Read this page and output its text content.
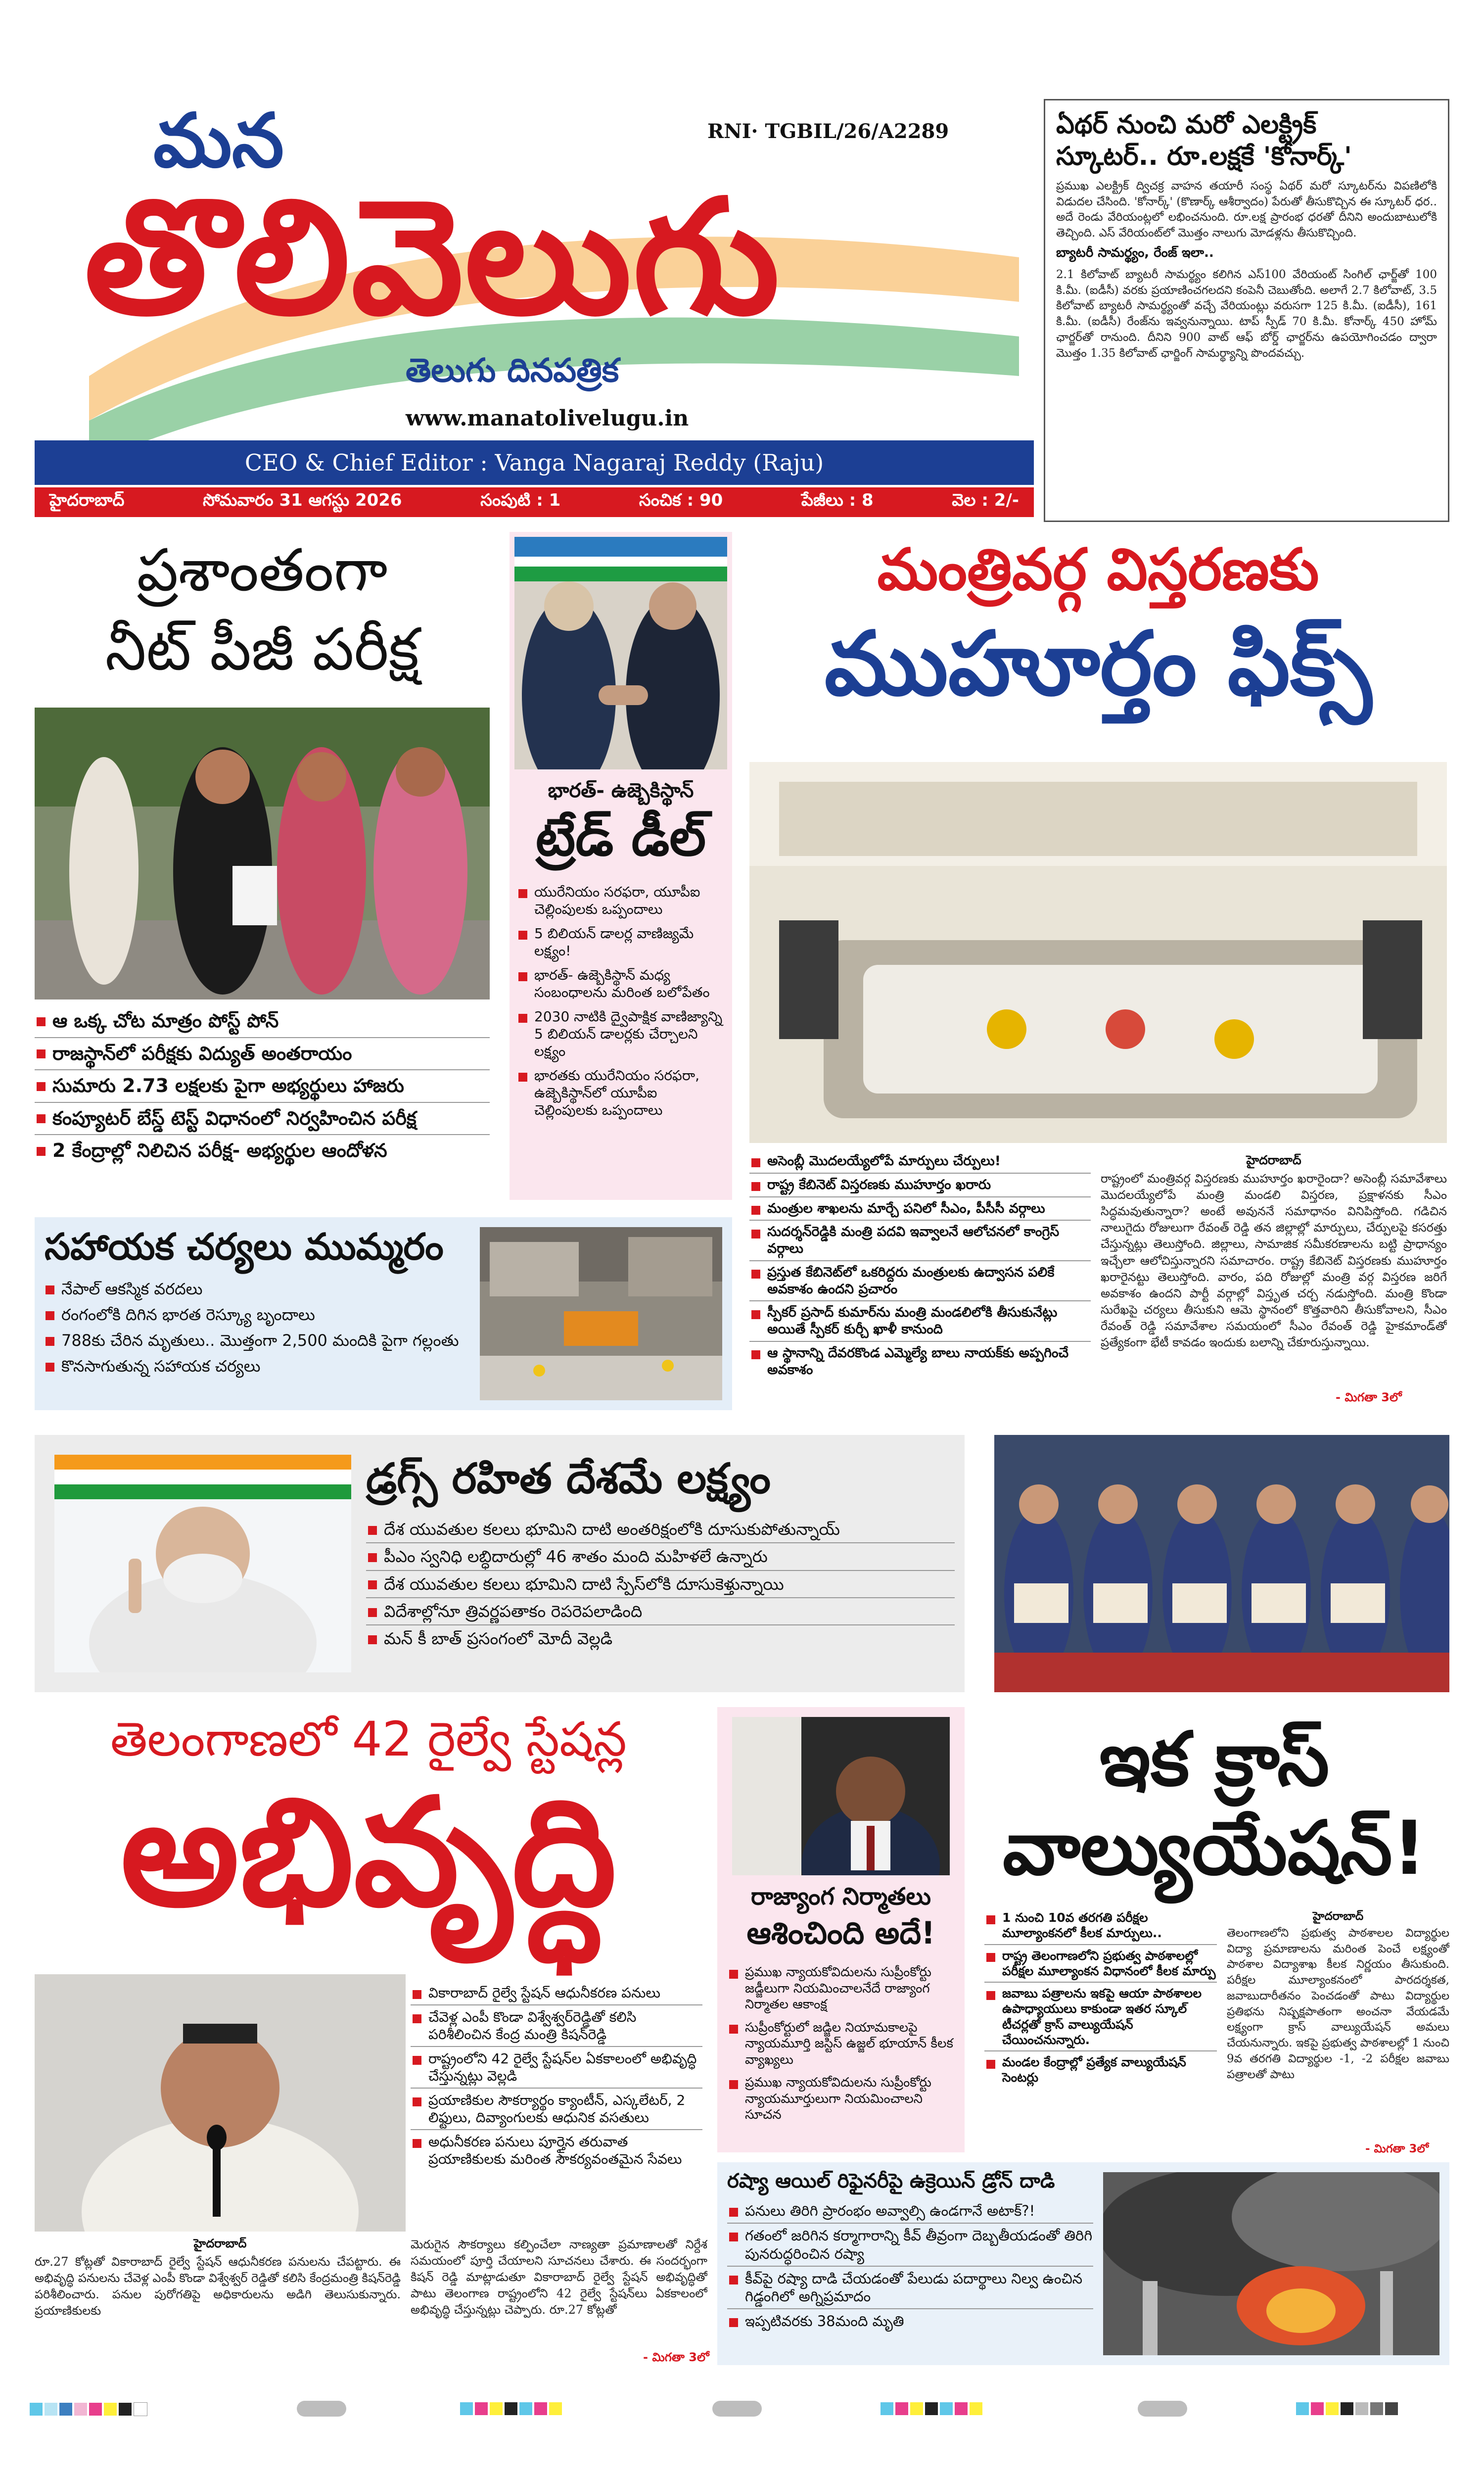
మన	RNI· TGBIL/26/A2289
తొలివెలుగు
తెలుగు దినపత్రిక
www.manatolivelugu.in
CEO & Chief Editor : Vanga Nagaraj Reddy (Raju)
హైదరాబాద్	సోమవారం 31 ఆగస్టు 2026	సంపుటి : 1	సంచిక : 90	పేజీలు : 8	వెల : 2/-
ఏథర్ నుంచి మరో ఎలక్ట్రిక్
స్కూటర్.. రూ.లక్షకే 'కోనార్క్'
ప్రముఖ ఎలక్ట్రిక్ ద్విచక్ర వాహన తయారీ సంస్థ ఏథర్ మరో స్కూటర్‌ను విపణిలోకి విడుదల చేసింది. 'కోనార్క్' (కొణార్క్ ఆశీర్వాదం) పేరుతో తీసుకొచ్చిన ఈ స్కూటర్ ధర.. అదే రెండు వేరియంట్లలో లభించనుంది. రూ.లక్ష ప్రారంభ ధరతో దీనిని అందుబాటులోకి తెచ్చింది. ఎస్ వేరియంట్‌లో మొత్తం నాలుగు మోడళ్లను తీసుకొచ్చింది.
బ్యాటరీ సామర్థ్యం, రేంజ్ ఇలా..
2.1 కిలోవాట్ బ్యాటరీ సామర్థ్యం కలిగిన ఎస్100 వేరియంట్ సింగిల్ ఛార్జ్‌తో 100 కి.మీ. (ఐడీసీ) వరకు ప్రయాణించగలదని కంపెనీ చెబుతోంది. అలాగే 2.7 కిలోవాట్, 3.5 కిలోవాట్ బ్యాటరీ సామర్థ్యంతో వచ్చే వేరియంట్లు వరుసగా 125 కి.మీ. (ఐడీసీ), 161 కి.మీ. (ఐడీసీ) రేంజ్‌ను ఇవ్వనున్నాయి. టాప్ స్పీడ్ 70 కి.మీ. కోనార్క్ 450 హోమ్ ఛార్జర్‌తో రానుంది. దీనిని 900 వాట్ ఆఫ్ బోర్డ్ ఛార్జర్‌ను ఉపయోగించడం ద్వారా మొత్తం 1.35 కిలోవాట్ ఛార్జింగ్ సామర్థ్యాన్ని పొందవచ్చు.
ప్రశాంతంగా
నీట్ పీజీ పరీక్ష
ఆ ఒక్క చోట మాత్రం పోస్ట్ పోన్
రాజస్థాన్‌లో పరీక్షకు విద్యుత్ అంతరాయం
సుమారు 2.73 లక్షలకు పైగా అభ్యర్థులు హాజరు
కంప్యూటర్ బేస్డ్ టెస్ట్ విధానంలో నిర్వహించిన పరీక్ష
2 కేంద్రాల్లో నిలిచిన పరీక్ష- అభ్యర్థుల ఆందోళన
భారత్- ఉజ్బెకిస్థాన్
ట్రేడ్ డీల్
యురేనియం సరఫరా, యూపీఐ చెల్లింపులకు ఒప్పందాలు
5 బిలియన్ డాలర్ల వాణిజ్యమే లక్ష్యం!
భారత్- ఉజ్బెకిస్థాన్ మధ్య సంబంధాలను మరింత బలోపేతం
2030 నాటికి ద్వైపాక్షిక వాణిజ్యాన్ని 5 బిలియన్ డాలర్లకు చేర్చాలని లక్ష్యం
భారతకు యురేనియం సరఫరా, ఉజ్బెకిస్థాన్‌లో యూపీఐ చెల్లింపులకు ఒప్పందాలు
మంత్రివర్గ విస్తరణకు
ముహూర్తం ఫిక్స్
అసెంబ్లీ మొదలయ్యేలోపే మార్పులు చేర్పులు!
రాష్ట్ర కేబినెట్ విస్తరణకు ముహూర్తం ఖరారు
మంత్రుల శాఖలను మార్చే పనిలో సీఎం, పీసీసీ వర్గాలు
సుదర్శన్‌రెడ్డికి మంత్రి పదవి ఇవ్వాలనే ఆలోచనలో కాంగ్రెస్ వర్గాలు
ప్రస్తుత కేబినెట్‌లో ఒకరిద్దరు మంత్రులకు ఉద్వాసన పలికే అవకాశం ఉందని ప్రచారం
స్పీకర్ ప్రసాద్ కుమార్‌ను మంత్రి మండలిలోకి తీసుకునేట్లు అయితే స్పీకర్ కుర్చీ ఖాళీ కానుంది
ఆ స్థానాన్ని దేవరకొండ ఎమ్మెల్యే బాలు నాయక్‌కు అప్పగించే అవకాశం
హైదరాబాద్
రాష్ట్రంలో మంత్రివర్గ విస్తరణకు ముహూర్తం ఖరారైందా? అసెంబ్లీ సమావేశాలు మొదలయ్యేలోపే మంత్రి మండలి విస్తరణ, ప్రక్షాళనకు సీఎం సిద్ధమవుతున్నారా? అంటే అవుననే సమాధానం వినిపిస్తోంది. గడిచిన నాలుగైదు రోజులుగా రేవంత్ రెడ్డి తన జిల్లాల్లో మార్పులు, చేర్పులపై కసరత్తు చేస్తున్నట్లు తెలుస్తోంది. జిల్లాలు, సామాజిక సమీకరణాలను బట్టి ప్రాధాన్యం ఇచ్చేలా ఆలోచిస్తున్నారని సమాచారం. రాష్ట్ర కేబినెట్ విస్తరణకు ముహూర్తం ఖరారైనట్టు తెలుస్తోంది. వారం, పది రోజుల్లో మంత్రి వర్గ విస్తరణ జరిగే అవకాశం ఉందని పార్టీ వర్గాల్లో విస్తృత చర్చ నడుస్తోంది. మంత్రి కొండా సురేఖపై చర్యలు తీసుకుని ఆమె స్థానంలో కొత్తవారిని తీసుకోవాలని, సీఎం రేవంత్ రెడ్డి సమావేశాల సమయంలో సీఎం రేవంత్ రెడ్డి హైకమాండ్‌తో ప్రత్యేకంగా భేటీ కావడం ఇందుకు బలాన్ని చేకూరుస్తున్నాయి.
- మిగతా 3లో
సహాయక చర్యలు ముమ్మరం
నేపాల్ ఆకస్మిక వరదలు
రంగంలోకి దిగిన భారత రెస్క్యూ బృందాలు
788కు చేరిన మృతులు.. మొత్తంగా 2,500 మందికి పైగా గల్లంతు
కొనసాగుతున్న సహాయక చర్యలు
డ్రగ్స్ రహిత దేశమే లక్ష్యం
దేశ యువతుల కలలు భూమిని దాటి అంతరిక్షంలోకి దూసుకుపోతున్నాయ్
పీఎం స్వనిధి లబ్ధిదారుల్లో 46 శాతం మంది మహిళలే ఉన్నారు
దేశ యువతుల కలలు భూమిని దాటి స్పేస్‌లోకి దూసుకెళ్తున్నాయి
విదేశాల్లోనూ త్రివర్ణపతాకం రెపరెపలాడింది
మన్ కీ బాత్ ప్రసంగంలో మోదీ వెల్లడి
తెలంగాణలో 42 రైల్వే స్టేషన్ల
అభివృద్ధి
వికారాబాద్ రైల్వే స్టేషన్ ఆధునీకరణ పనులు
చేవెళ్ల ఎంపీ కొండా విశ్వేశ్వర్‌రెడ్డితో కలిసి పరిశీలించిన కేంద్ర మంత్రి కిషన్‌రెడ్డి
రాష్ట్రంలోని 42 రైల్వే స్టేషన్‌ల ఏకకాలంలో అభివృద్ధి చేస్తున్నట్లు వెల్లడి
ప్రయాణికుల సౌకర్యార్థం క్యాంటీన్, ఎస్కలేటర్, 2 లిఫ్టులు, దివ్యాంగులకు ఆధునిక వసతులు
అధునీకరణ పనులు పూర్తైన తరువాత ప్రయాణికులకు మరింత సౌకర్యవంతమైన సేవలు
హైదరాబాద్
రూ.27 కోట్లతో వికారాబాద్ రైల్వే స్టేషన్ ఆధునీకరణ పనులను చేపట్టారు. ఈ అభివృద్ధి పనులను చేవెళ్ల ఎంపీ కొండా విశ్వేశ్వర్ రెడ్డితో కలిసి కేంద్రమంత్రి కిషన్‌రెడ్డి పరిశీలించారు. పనుల పురోగతిపై అధికారులను అడిగి తెలుసుకున్నారు. ప్రయాణికులకు
మెరుగైన సౌకర్యాలు కల్పించేలా నాణ్యతా ప్రమాణాలతో నిర్దేశ సమయంలో పూర్తి చేయాలని సూచనలు చేశారు. ఈ సందర్భంగా కిషన్ రెడ్డి మాట్లాడుతూ వికారాబాద్ రైల్వే స్టేషన్ అభివృద్ధితో పాటు తెలంగాణ రాష్ట్రంలోని 42 రైల్వే స్టేషన్‌లు ఏకకాలంలో అభివృద్ధి చేస్తున్నట్లు చెప్పారు. రూ.27 కోట్లతో
- మిగతా 3లో
రాజ్యాంగ నిర్మాతలు
ఆశించింది అదే!
ప్రముఖ న్యాయకోవిదులను సుప్రీంకోర్టు జడ్జీలుగా నియమించాలనేదే రాజ్యాంగ నిర్మాతల ఆకాంక్ష
సుప్రీంకోర్టులో జడ్జిల నియామకాలపై న్యాయమూర్తి జస్టిస్ ఉజ్జల్ భూయాన్ కీలక వ్యాఖ్యలు
ప్రముఖ న్యాయకోవిదులను సుప్రీంకోర్టు న్యాయమూర్తులుగా నియమించాలని సూచన
ఇక క్రాస్
వాల్యుయేషన్!
1 నుంచి 10వ తరగతి పరీక్షల మూల్యాంకనలో కీలక మార్పులు..
రాష్ట్ర తెలంగాణలోని ప్రభుత్వ పాఠశాలల్లో పరీక్షల మూల్యాంకన విధానంలో కీలక మార్పు
జవాబు పత్రాలను ఇకపై ఆయా పాఠశాలల ఉపాధ్యాయులు కాకుండా ఇతర స్కూల్ టీచర్లతో క్రాస్ వాల్యుయేషన్ చేయించనున్నారు.
మండల కేంద్రాల్లో ప్రత్యేక వాల్యుయేషన్ సెంటర్లు
హైదరాబాద్
తెలంగాణలోని ప్రభుత్వ పాఠశాలల విద్యార్థుల విద్యా ప్రమాణాలను మరింత పెంచే లక్ష్యంతో పాఠశాల విద్యాశాఖ కీలక నిర్ణయం తీసుకుంది. పరీక్షల మూల్యాంకనంలో పారదర్శకత, జవాబుదారీతనం పెంచడంతో పాటు విద్యార్థుల ప్రతిభను నిష్పక్షపాతంగా అంచనా వేయడమే లక్ష్యంగా క్రాస్ వాల్యుయేషన్ అమలు చేయనున్నారు. ఇకపై ప్రభుత్వ పాఠశాలల్లో 1 నుంచి 9వ తరగతి విద్యార్థుల -1, -2 పరీక్షల జవాబు పత్రాలతో పాటు
- మిగతా 3లో
రష్యా ఆయిల్ రిఫైనరీపై ఉక్రెయిన్ డ్రోన్ దాడి
పనులు తిరిగి ప్రారంభం అవ్వాల్సి ఉండగానే అటాక్?!
గతంలో జరిగిన కర్మాగారాన్ని కీవ్ తీవ్రంగా దెబ్బతీయడంతో తిరిగి పునరుద్ధరించిన రష్యా
కీవ్‌పై రష్యా దాడి చేయడంతో పేలుడు పదార్థాలు నిల్వ ఉంచిన గిడ్డంగిలో అగ్నిప్రమాదం
ఇప్పటివరకు 38మంది మృతి
